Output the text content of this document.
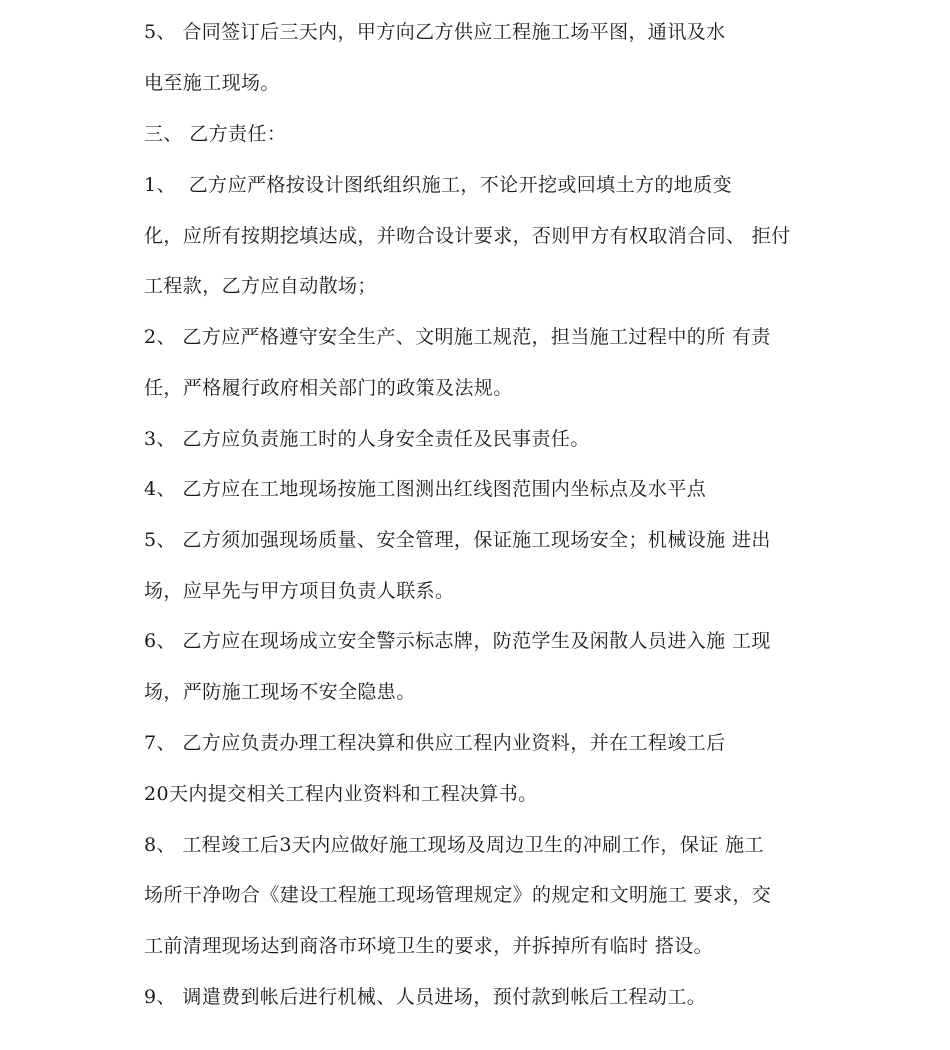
5、 合同签订后三天内，甲方向乙方供应工程施工场平图，通讯及水
电至施工现场。
三、 乙方责任：
1、  乙方应严格按设计图纸组织施工，不论开挖或回填土方的地质变
化，应所有按期挖填达成，并吻合设计要求，否则甲方有权取消合同、 拒付
工程款，乙方应自动散场；
2、 乙方应严格遵守安全生产、文明施工规范，担当施工过程中的所 有责
任，严格履行政府相关部门的政策及法规。
3、 乙方应负责施工时的人身安全责任及民事责任。
4、 乙方应在工地现场按施工图测出红线图范围内坐标点及水平点
5、 乙方须加强现场质量、安全管理，保证施工现场安全；机械设施 进出
场，应早先与甲方项目负责人联系。
6、 乙方应在现场成立安全警示标志牌，防范学生及闲散人员进入施 工现
场，严防施工现场不安全隐患。
7、 乙方应负责办理工程决算和供应工程内业资料，并在工程竣工后
20天内提交相关工程内业资料和工程决算书。
8、 工程竣工后3天内应做好施工现场及周边卫生的冲刷工作，保证 施工
场所干净吻合《建设工程施工现场管理规定》的规定和文明施工 要求，交
工前清理现场达到商洛市环境卫生的要求，并拆掉所有临时 搭设。
9、 调遣费到帐后进行机械、人员进场，预付款到帐后工程动工。
